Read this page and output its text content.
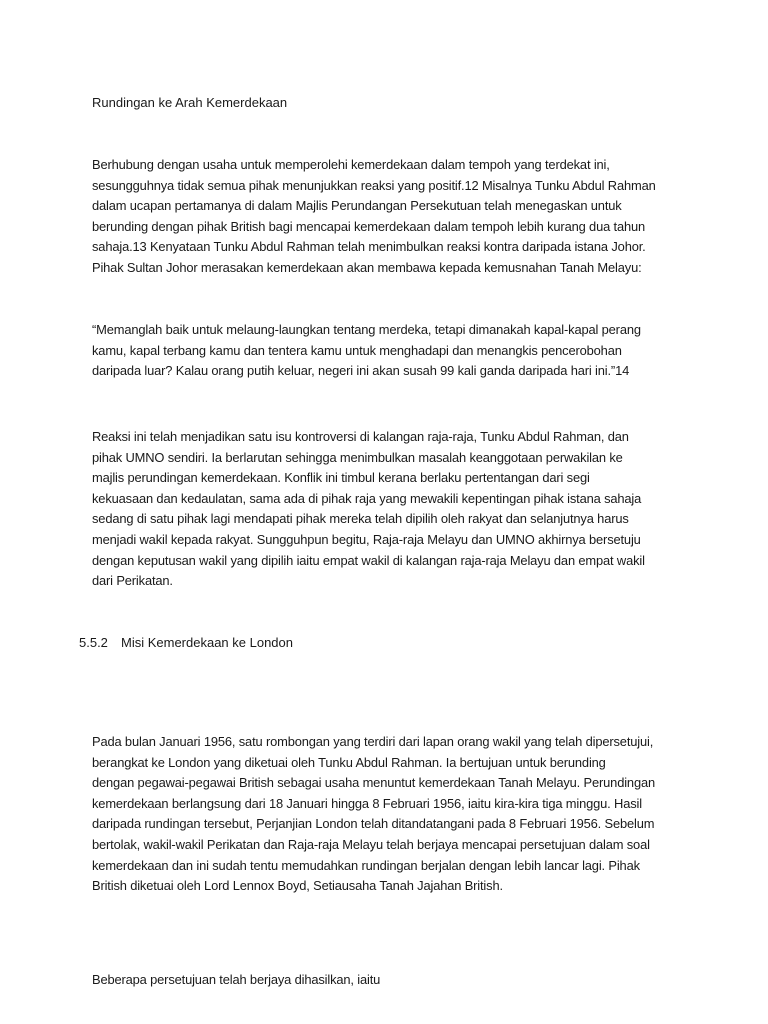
Rundingan ke Arah Kemerdekaan

Berhubung dengan usaha untuk memperolehi kemerdekaan dalam tempoh yang terdekat ini,
sesungguhnya tidak semua pihak menunjukkan reaksi yang positif.12 Misalnya Tunku Abdul Rahman
dalam ucapan pertamanya di dalam Majlis Perundangan Persekutuan telah menegaskan untuk
berunding dengan pihak British bagi mencapai kemerdekaan dalam tempoh lebih kurang dua tahun
sahaja.13 Kenyataan Tunku Abdul Rahman telah menimbulkan reaksi kontra daripada istana Johor.
Pihak Sultan Johor merasakan kemerdekaan akan membawa kepada kemusnahan Tanah Melayu:
“Memanglah baik untuk melaung-laungkan tentang merdeka, tetapi dimanakah kapal-kapal perang
kamu, kapal terbang kamu dan tentera kamu untuk menghadapi dan menangkis pencerobohan
daripada luar? Kalau orang putih keluar, negeri ini akan susah 99 kali ganda daripada hari ini.”14
Reaksi ini telah menjadikan satu isu kontroversi di kalangan raja-raja, Tunku Abdul Rahman, dan
pihak UMNO sendiri. Ia berlarutan sehingga menimbulkan masalah keanggotaan perwakilan ke
majlis perundingan kemerdekaan. Konflik ini timbul kerana berlaku pertentangan dari segi
kekuasaan dan kedaulatan, sama ada di pihak raja yang mewakili kepentingan pihak istana sahaja
sedang di satu pihak lagi mendapati pihak mereka telah dipilih oleh rakyat dan selanjutnya harus
menjadi wakil kepada rakyat. Sungguhpun begitu, Raja-raja Melayu dan UMNO akhirnya bersetuju
dengan keputusan wakil yang dipilih iaitu empat wakil di kalangan raja-raja Melayu dan empat wakil
dari Perikatan.

5.5.2 Misi Kemerdekaan ke London

Pada bulan Januari 1956, satu rombongan yang terdiri dari lapan orang wakil yang telah dipersetujui,
berangkat ke London yang diketuai oleh Tunku Abdul Rahman. Ia bertujuan untuk berunding
dengan pegawai-pegawai British sebagai usaha menuntut kemerdekaan Tanah Melayu. Perundingan
kemerdekaan berlangsung dari 18 Januari hingga 8 Februari 1956, iaitu kira-kira tiga minggu. Hasil
daripada rundingan tersebut, Perjanjian London telah ditandatangani pada 8 Februari 1956. Sebelum
bertolak, wakil-wakil Perikatan dan Raja-raja Melayu telah berjaya mencapai persetujuan dalam soal
kemerdekaan dan ini sudah tentu memudahkan rundingan berjalan dengan lebih lancar lagi. Pihak
British diketuai oleh Lord Lennox Boyd, Setiausaha Tanah Jajahan British.
Beberapa persetujuan telah berjaya dihasilkan, iaitu
